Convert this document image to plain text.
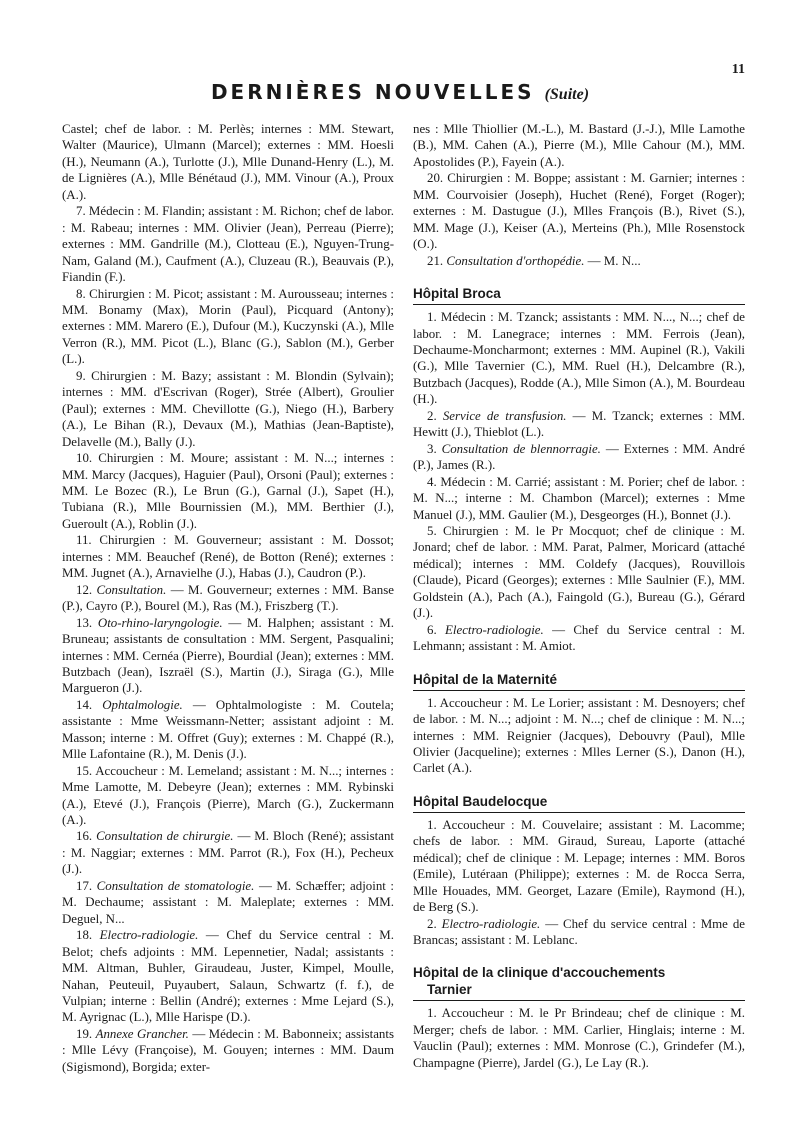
11
DERNIÈRES NOUVELLES (Suite)

Castel; chef de labor. : M. Perlès; internes : MM. Stewart, Walter (Maurice), Ulmann (Marcel); externes : MM. Hoesli (H.), Neumann (A.), Turlotte (J.), Mlle Dunand-Henry (L.), M. de Lignières (A.), Mlle Bénétaud (J.), MM. Vinour (A.), Proux (A.).

7. Médecin : M. Flandin; assistant : M. Richon; chef de labor. : M. Rabeau; internes : MM. Olivier (Jean), Perreau (Pierre); externes : MM. Gandrille (M.), Clotteau (E.), Nguyen-Trung-Nam, Galand (M.), Caufment (A.), Cluzeau (R.), Beauvais (P.), Fiandin (F.).

8. Chirurgien : M. Picot; assistant : M. Aurousseau; internes : MM. Bonamy (Max), Morin (Paul), Picquard (Antony); externes : MM. Marero (E.), Dufour (M.), Kuczynski (A.), Mlle Verron (R.), MM. Picot (L.), Blanc (G.), Sablon (M.), Gerber (L.).

9. Chirurgien : M. Bazy; assistant : M. Blondin (Sylvain); internes : MM. d'Escrivan (Roger), Strée (Albert), Groulier (Paul); externes : MM. Chevillotte (G.), Niego (H.), Barbery (A.), Le Bihan (R.), Devaux (M.), Mathias (Jean-Baptiste), Delavelle (M.), Bally (J.).

10. Chirurgien : M. Moure; assistant : M. N...; internes : MM. Marcy (Jacques), Haguier (Paul), Orsoni (Paul); externes : MM. Le Bozec (R.), Le Brun (G.), Garnal (J.), Sapet (H.), Tubiana (R.), Mlle Bournissien (M.), MM. Berthier (J.), Gueroult (A.), Roblin (J.).

11. Chirurgien : M. Gouverneur; assistant : M. Dossot; internes : MM. Beauchef (René), de Botton (René); externes : MM. Jugnet (A.), Arnavielhe (J.), Habas (J.), Caudron (P.).

12. Consultation. — M. Gouverneur; externes : MM. Banse (P.), Cayro (P.), Bourel (M.), Ras (M.), Friszberg (T.).

13. Oto-rhino-laryngologie. — M. Halphen; assistant : M. Bruneau; assistants de consultation : MM. Sergent, Pasqualini; internes : MM. Cernéa (Pierre), Bourdial (Jean); externes : MM. Butzbach (Jean), Iszraël (S.), Martin (J.), Siraga (G.), Mlle Margueron (J.).

14. Ophtalmologie. — Ophtalmologiste : M. Coutela; assistante : Mme Weissmann-Netter; assistant adjoint : M. Masson; interne : M. Offret (Guy); externes : M. Chappé (R.), Mlle Lafontaine (R.), M. Denis (J.).

15. Accoucheur : M. Lemeland; assistant : M. N...; internes : Mme Lamotte, M. Debeyre (Jean); externes : MM. Rybinski (A.), Etevé (J.), François (Pierre), March (G.), Zuckermann (A.).

16. Consultation de chirurgie. — M. Bloch (René); assistant : M. Naggiar; externes : MM. Parrot (R.), Fox (H.), Pecheux (J.).

17. Consultation de stomatologie. — M. Schæffer; adjoint : M. Dechaume; assistant : M. Maleplate; externes : MM. Deguel, N...

18. Electro-radiologie. — Chef du Service central : M. Belot; chefs adjoints : MM. Lepennetier, Nadal; assistants : MM. Altman, Buhler, Giraudeau, Juster, Kimpel, Moulle, Nahan, Peuteuil, Puyaubert, Salaun, Schwartz (f. f.), de Vulpian; interne : Bellin (André); externes : Mme Lejard (S.), M. Ayrignac (L.), Mlle Harispe (D.).

19. Annexe Grancher. — Médecin : M. Babonneix; assistants : Mlle Lévy (Françoise), M. Gouyen; internes : MM. Daum (Sigismond), Borgida; exter-

nes : Mlle Thiollier (M.-L.), M. Bastard (J.-J.), Mlle Lamothe (B.), MM. Cahen (A.), Pierre (M.), Mlle Cahour (M.), MM. Apostolides (P.), Fayein (A.).

20. Chirurgien : M. Boppe; assistant : M. Garnier; internes : MM. Courvoisier (Joseph), Huchet (René), Forget (Roger); externes : M. Dastugue (J.), Mlles François (B.), Rivet (S.), MM. Mage (J.), Keiser (A.), Merteins (Ph.), Mlle Rosenstock (O.).

21. Consultation d'orthopédie. — M. N...

Hôpital Broca

1. Médecin : M. Tzanck; assistants : MM. N..., N...; chef de labor. : M. Lanegrace; internes : MM. Ferrois (Jean), Dechaume-Moncharmont; externes : MM. Aupinel (R.), Vakili (G.), Mlle Tavernier (C.), MM. Ruel (H.), Delcambre (R.), Butzbach (Jacques), Rodde (A.), Mlle Simon (A.), M. Bourdeau (H.).

2. Service de transfusion. — M. Tzanck; externes : MM. Hewitt (J.), Thieblot (L.).

3. Consultation de blennorragie. — Externes : MM. André (P.), James (R.).

4. Médecin : M. Carrié; assistant : M. Porier; chef de labor. : M. N...; interne : M. Chambon (Marcel); externes : Mme Manuel (J.), MM. Gaulier (M.), Desgeorges (H.), Bonnet (J.).

5. Chirurgien : M. le Pr Mocquot; chef de clinique : M. Jonard; chef de labor. : MM. Parat, Palmer, Moricard (attaché médical); internes : MM. Coldefy (Jacques), Rouvillois (Claude), Picard (Georges); externes : Mlle Saulnier (F.), MM. Goldstein (A.), Pach (A.), Faingold (G.), Bureau (G.), Gérard (J.).

6. Electro-radiologie. — Chef du Service central : M. Lehmann; assistant : M. Amiot.

Hôpital de la Maternité

1. Accoucheur : M. Le Lorier; assistant : M. Desnoyers; chef de labor. : M. N...; adjoint : M. N...; chef de clinique : M. N...; internes : MM. Reignier (Jacques), Debouvry (Paul), Mlle Olivier (Jacqueline); externes : Mlles Lerner (S.), Danon (H.), Carlet (A.).

Hôpital Baudelocque

1. Accoucheur : M. Couvelaire; assistant : M. Lacomme; chefs de labor. : MM. Giraud, Sureau, Laporte (attaché médical); chef de clinique : M. Lepage; internes : MM. Boros (Emile), Lutéraan (Philippe); externes : M. de Rocca Serra, Mlle Houades, MM. Georget, Lazare (Emile), Raymond (H.), de Berg (S.).

2. Electro-radiologie. — Chef du service central : Mme de Brancas; assistant : M. Leblanc.

Hôpital de la clinique d'accouchements
Tarnier

1. Accoucheur : M. le Pr Brindeau; chef de clinique : M. Merger; chefs de labor. : MM. Carlier, Hinglais; interne : M. Vauclin (Paul); externes : MM. Monrose (C.), Grindefer (M.), Champagne (Pierre), Jardel (G.), Le Lay (R.).
